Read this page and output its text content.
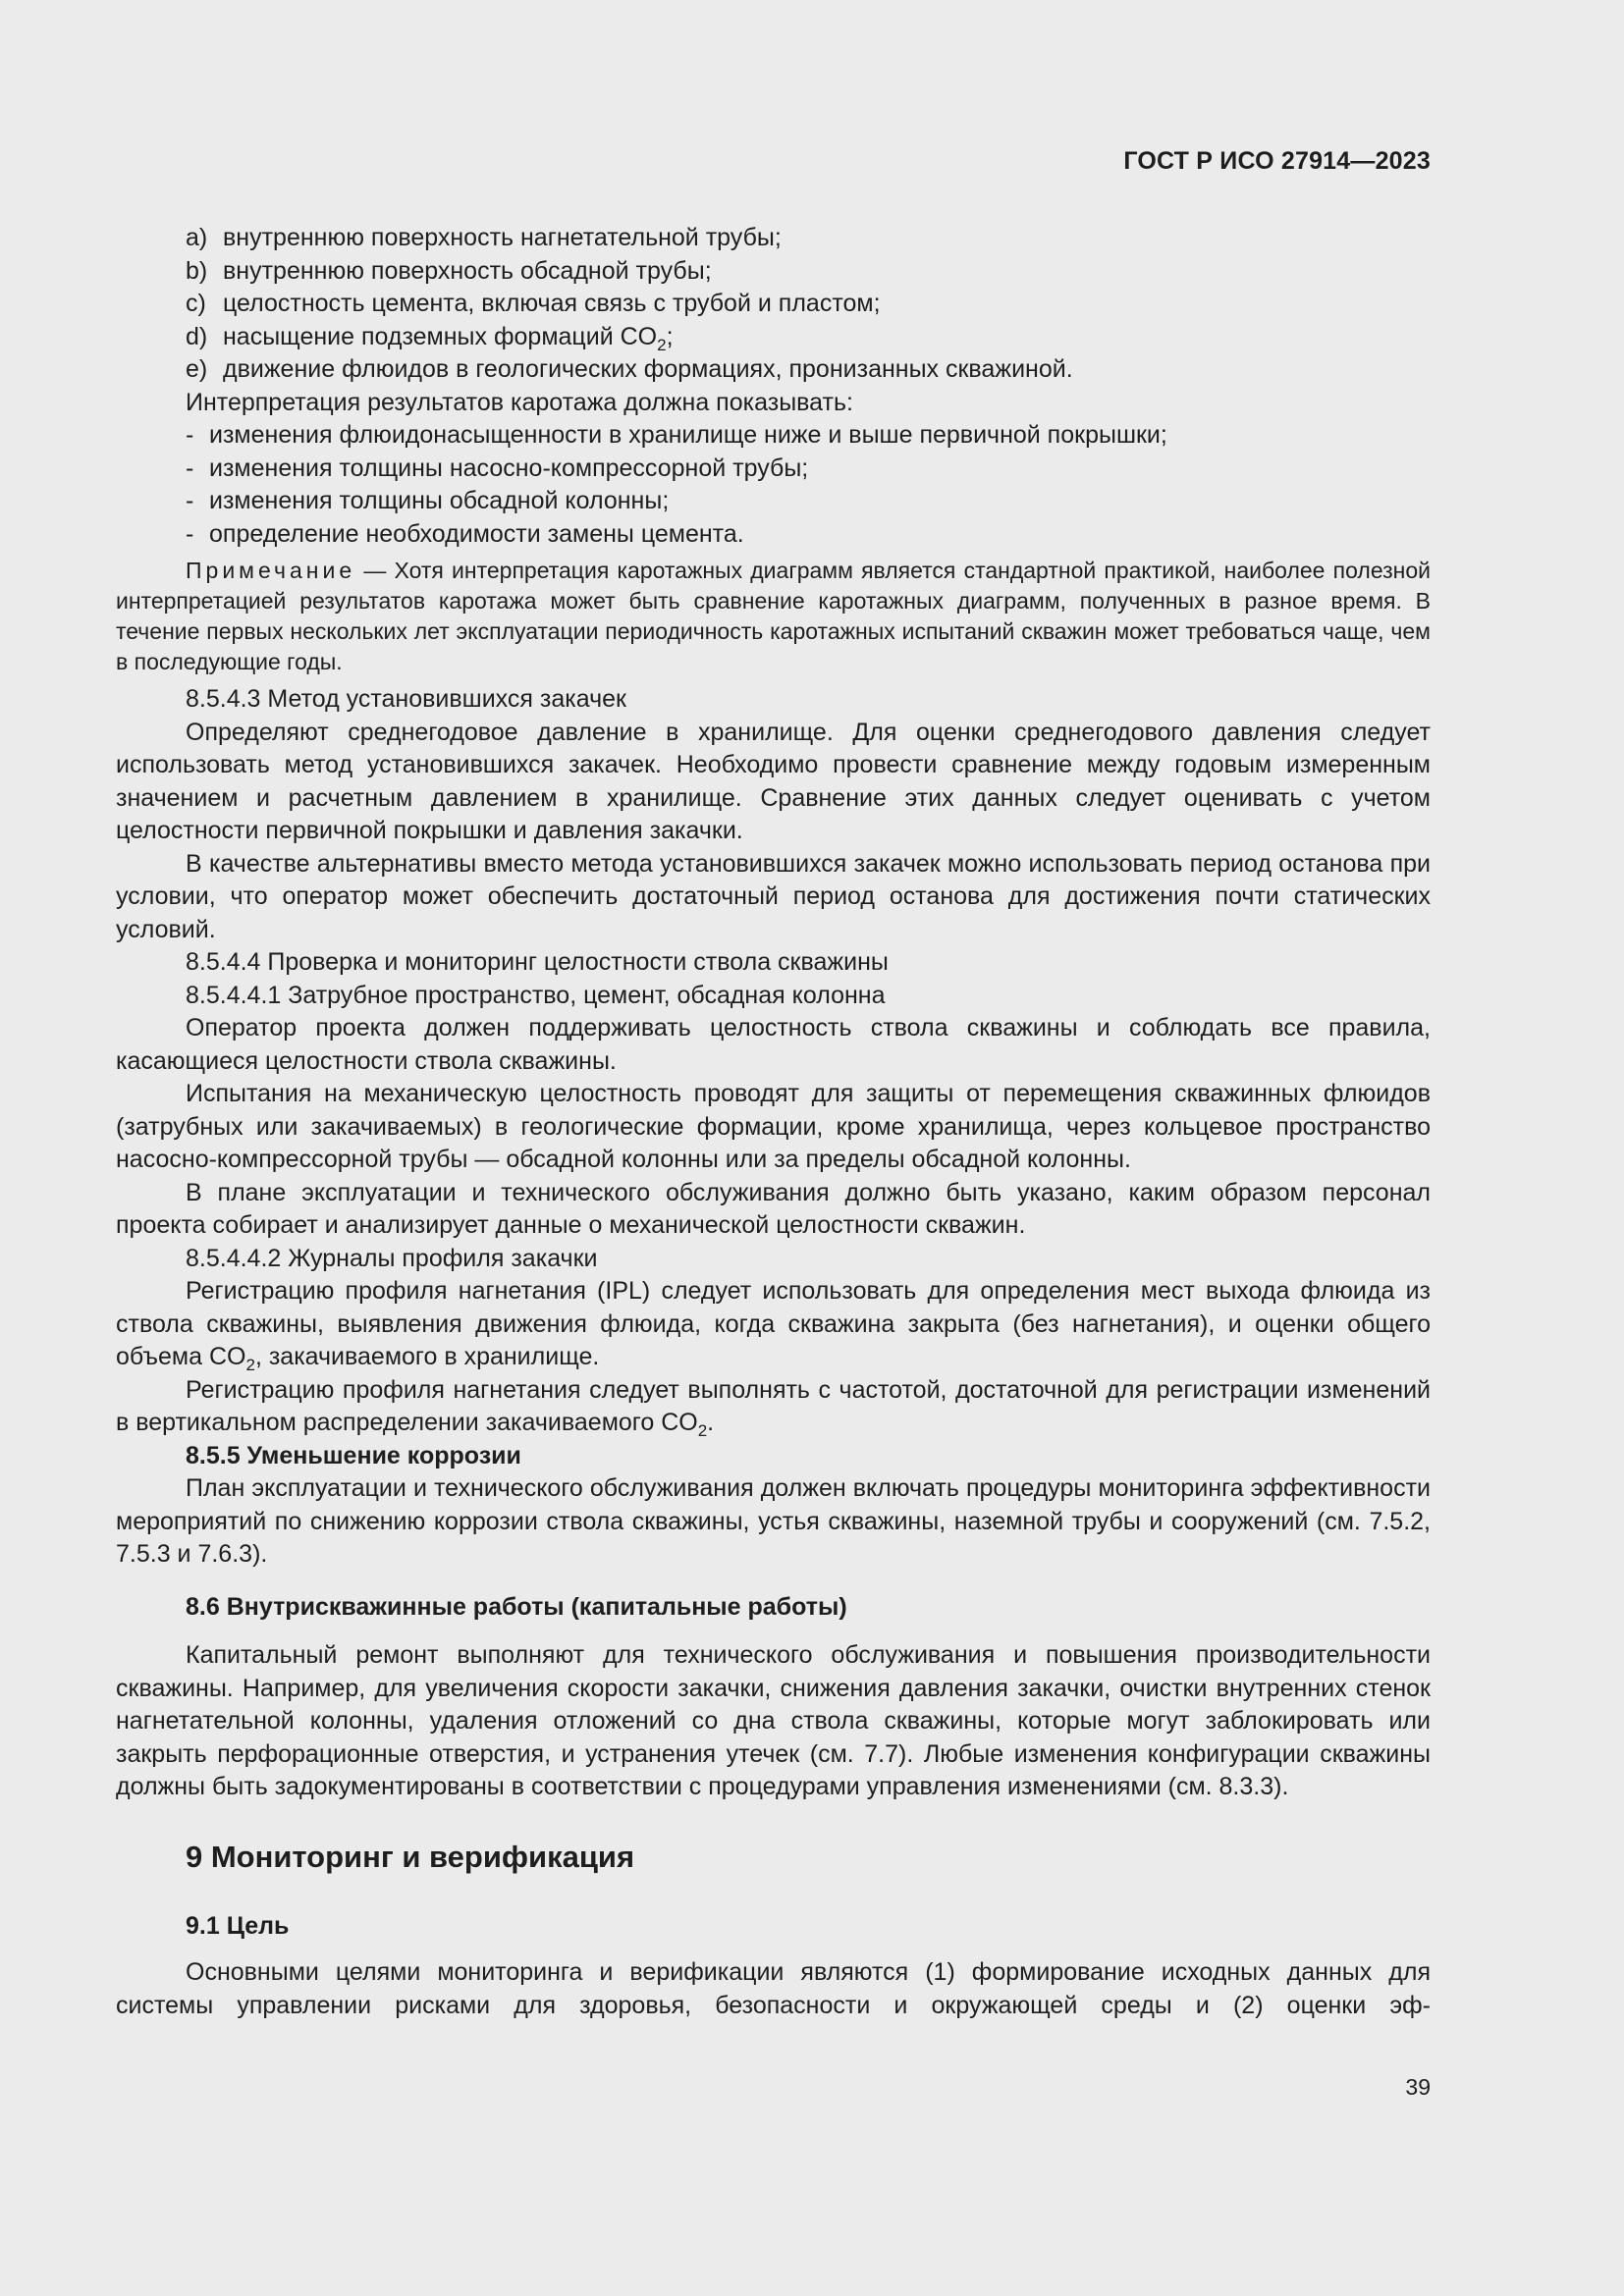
ГОСТ Р ИСО 27914—2023

a) внутреннюю поверхность нагнетательной трубы;

b) внутреннюю поверхность обсадной трубы;

c) целостность цемента, включая связь с трубой и пластом;

d) насыщение подземных формаций $CO_2$;

e) движение флюидов в геологических формациях, пронизанных скважиной.

Интерпретация результатов каротажа должна показывать:

- изменения флюидонасыщенности в хранилище ниже и выше первичной покрышки;

- изменения толщины насосно-компрессорной трубы;

- изменения толщины обсадной колонны;

- определение необходимости замены цемента.

Примечание — Хотя интерпретация каротажных диаграмм является стандартной практикой, наиболее полезной интерпретацией результатов каротажа может быть сравнение каротажных диаграмм, полученных в разное время. В течение первых нескольких лет эксплуатации периодичность каротажных испытаний скважин может требоваться чаще, чем в последующие годы.

8.5.4.3 Метод установившихся закачек

Определяют среднегодовое давление в хранилище. Для оценки среднегодового давления следует использовать метод установившихся закачек. Необходимо провести сравнение между годовым измеренным значением и расчетным давлением в хранилище. Сравнение этих данных следует оценивать с учетом целостности первичной покрышки и давления закачки.

В качестве альтернативы вместо метода установившихся закачек можно использовать период останова при условии, что оператор может обеспечить достаточный период останова для достижения почти статических условий.

8.5.4.4 Проверка и мониторинг целостности ствола скважины

8.5.4.4.1 Затрубное пространство, цемент, обсадная колонна

Оператор проекта должен поддерживать целостность ствола скважины и соблюдать все правила, касающиеся целостности ствола скважины.

Испытания на механическую целостность проводят для защиты от перемещения скважинных флюидов (затрубных или закачиваемых) в геологические формации, кроме хранилища, через кольцевое пространство насосно-компрессорной трубы — обсадной колонны или за пределы обсадной колонны.

В плане эксплуатации и технического обслуживания должно быть указано, каким образом персонал проекта собирает и анализирует данные о механической целостности скважин.

8.5.4.4.2 Журналы профиля закачки

Регистрацию профиля нагнетания (IPL) следует использовать для определения мест выхода флюида из ствола скважины, выявления движения флюида, когда скважина закрыта (без нагнетания), и оценки общего объема $CO_2$, закачиваемого в хранилище.

Регистрацию профиля нагнетания следует выполнять с частотой, достаточной для регистрации изменений в вертикальном распределении закачиваемого $CO_2$.

8.5.5 Уменьшение коррозии

План эксплуатации и технического обслуживания должен включать процедуры мониторинга эффективности мероприятий по снижению коррозии ствола скважины, устья скважины, наземной трубы и сооружений (см. 7.5.2, 7.5.3 и 7.6.3).

8.6 Внутрискважинные работы (капитальные работы)

Капитальный ремонт выполняют для технического обслуживания и повышения производительности скважины. Например, для увеличения скорости закачки, снижения давления закачки, очистки внутренних стенок нагнетательной колонны, удаления отложений со дна ствола скважины, которые могут заблокировать или закрыть перфорационные отверстия, и устранения утечек (см. 7.7). Любые изменения конфигурации скважины должны быть задокументированы в соответствии с процедурами управления изменениями (см. 8.3.3).

9 Мониторинг и верификация

9.1 Цель

Основными целями мониторинга и верификации являются (1) формирование исходных данных для системы управлении рисками для здоровья, безопасности и окружающей среды и (2) оценки эф-

39
